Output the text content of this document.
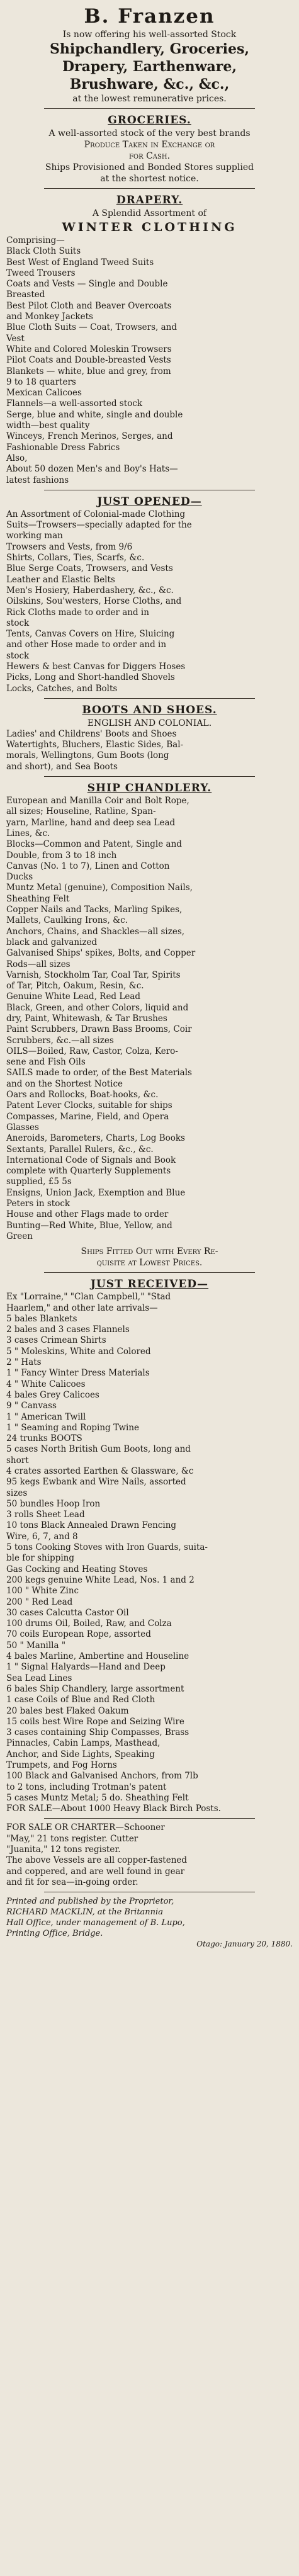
B. Franzen
Is now offering his well-assorted Stock
Shipchandlery, Groceries,
Drapery, Earthenware,
Brushware, &c., &c.,
at the lowest remunerative prices.
GROCERIES.
A well-assorted stock of the very best brands
Produce Taken in Exchange or
for Cash.
Ships Provisioned and Bonded Stores supplied
at the shortest notice.
DRAPERY.
A Splendid Assortment of
WINTER CLOTHING
Comprising—
Black Cloth Suits
Best West of England Tweed Suits
Tweed Trousers
Coats and Vests — Single and Double
Breasted
Best Pilot Cloth and Beaver Overcoats
and Monkey Jackets
Blue Cloth Suits — Coat, Trowsers, and
Vest
White and Colored Moleskin Trowsers
Pilot Coats and Double-breasted Vests
Blankets — white, blue and grey, from
9 to 18 quarters
Mexican Calicoes
Flannels—a well-assorted stock
Serge, blue and white, single and double
width—best quality
Winceys, French Merinos, Serges, and
Fashionable Dress Fabrics
Also,
About 50 dozen Men's and Boy's Hats—
latest fashions
JUST OPENED—
An Assortment of Colonial-made Clothing
Suits—Trowsers—specially adapted for the
working man
Trowsers and Vests, from 9/6
Shirts, Collars, Ties, Scarfs, &c.
Blue Serge Coats, Trowsers, and Vests
Leather and Elastic Belts
Men's Hosiery, Haberdashery, &c., &c.
Oilskins, Sou'westers, Horse Cloths, and
Rick Cloths made to order and in
stock
Tents, Canvas Covers on Hire, Sluicing
and other Hose made to order and in
stock
Hewers & best Canvas for Diggers Hoses
Picks, Long and Short-handled Shovels
Locks, Catches, and Bolts
BOOTS AND SHOES.
ENGLISH AND COLONIAL.
Ladies' and Childrens' Boots and Shoes
Watertights, Bluchers, Elastic Sides, Bal-
morals, Wellingtons, Gum Boots (long
and short), and Sea Boots
SHIP CHANDLERY.
European and Manilla Coir and Bolt Rope,
all sizes; Houseline, Ratline, Span-
yarn, Marline, hand and deep sea Lead
Lines, &c.
Blocks—Common and Patent, Single and
Double, from 3 to 18 inch
Canvas (No. 1 to 7), Linen and Cotton
Ducks
Muntz Metal (genuine), Composition Nails,
Sheathing Felt
Copper Nails and Tacks, Marling Spikes,
Mallets, Caulking Irons, &c.
Anchors, Chains, and Shackles—all sizes,
black and galvanized
Galvanised Ships' spikes, Bolts, and Copper
Rods—all sizes
Varnish, Stockholm Tar, Coal Tar, Spirits
of Tar, Pitch, Oakum, Resin, &c.
Genuine White Lead, Red Lead
Black, Green, and other Colors, liquid and
dry, Paint, Whitewash, & Tar Brushes
Paint Scrubbers, Drawn Bass Brooms, Coir
Scrubbers, &c.—all sizes
OILS—Boiled, Raw, Castor, Colza, Kero-
sene and Fish Oils
SAILS made to order, of the Best Materials
and on the Shortest Notice
Oars and Rollocks, Boat-hooks, &c.
Patent Lever Clocks, suitable for ships
Compasses, Marine, Field, and Opera
Glasses
Aneroids, Barometers, Charts, Log Books
Sextants, Parallel Rulers, &c., &c.
International Code of Signals and Book
complete with Quarterly Supplements
supplied, £5 5s
Ensigns, Union Jack, Exemption and Blue
Peters in stock
House and other Flags made to order
Bunting—Red White, Blue, Yellow, and
Green
Ships Fitted Out with Every Re-
quisite at Lowest Prices.
JUST RECEIVED—
Ex "Lorraine," "Clan Campbell," "Stad
Haarlem," and other late arrivals—
5 bales Blankets
2 bales and 3 cases Flannels
3 cases Crimean Shirts
5 " Moleskins, White and Colored
2 " Hats
1 " Fancy Winter Dress Materials
4 " White Calicoes
4 bales Grey Calicoes
9 " Canvass
1 " American Twill
1 " Seaming and Roping Twine
24 trunks BOOTS
5 cases North British Gum Boots, long and
short
4 crates assorted Earthen & Glassware, &c
95 kegs Ewbank and Wire Nails, assorted
sizes
50 bundles Hoop Iron
3 rolls Sheet Lead
10 tons Black Annealed Drawn Fencing
Wire, 6, 7, and 8
5 tons Cooking Stoves with Iron Guards, suita-
ble for shipping
Gas Cocking and Heating Stoves
200 kegs genuine White Lead, Nos. 1 and 2
100 " White Zinc
200 " Red Lead
30 cases Calcutta Castor Oil
100 drums Oil, Boiled, Raw, and Colza
70 coils European Rope, assorted
50 " Manilla "
4 bales Marline, Ambertine and Houseline
1 " Signal Halyards—Hand and Deep
Sea Lead Lines
6 bales Ship Chandlery, large assortment
1 case Coils of Blue and Red Cloth
20 bales best Flaked Oakum
15 coils best Wire Rope and Seizing Wire
3 cases containing Ship Compasses, Brass
Pinnacles, Cabin Lamps, Masthead,
Anchor, and Side Lights, Speaking
Trumpets, and Fog Horns
100 Black and Galvanised Anchors, from 7lb
to 2 tons, including Trotman's patent
5 cases Muntz Metal; 5 do. Sheathing Felt
FOR SALE—About 1000 Heavy Black Birch Posts.
FOR SALE OR CHARTER—Schooner
"May," 21 tons register. Cutter
"Juanita," 12 tons register.
The above Vessels are all copper-fastened
and coppered, and are well found in gear
and fit for sea—in-going order.
Printed and published by the Proprietor,
RICHARD MACKLIN, at the Britannia
Hall Office, under management of B. Lupo,
Printing Office, Bridge.
Otago: January 20, 1880.
